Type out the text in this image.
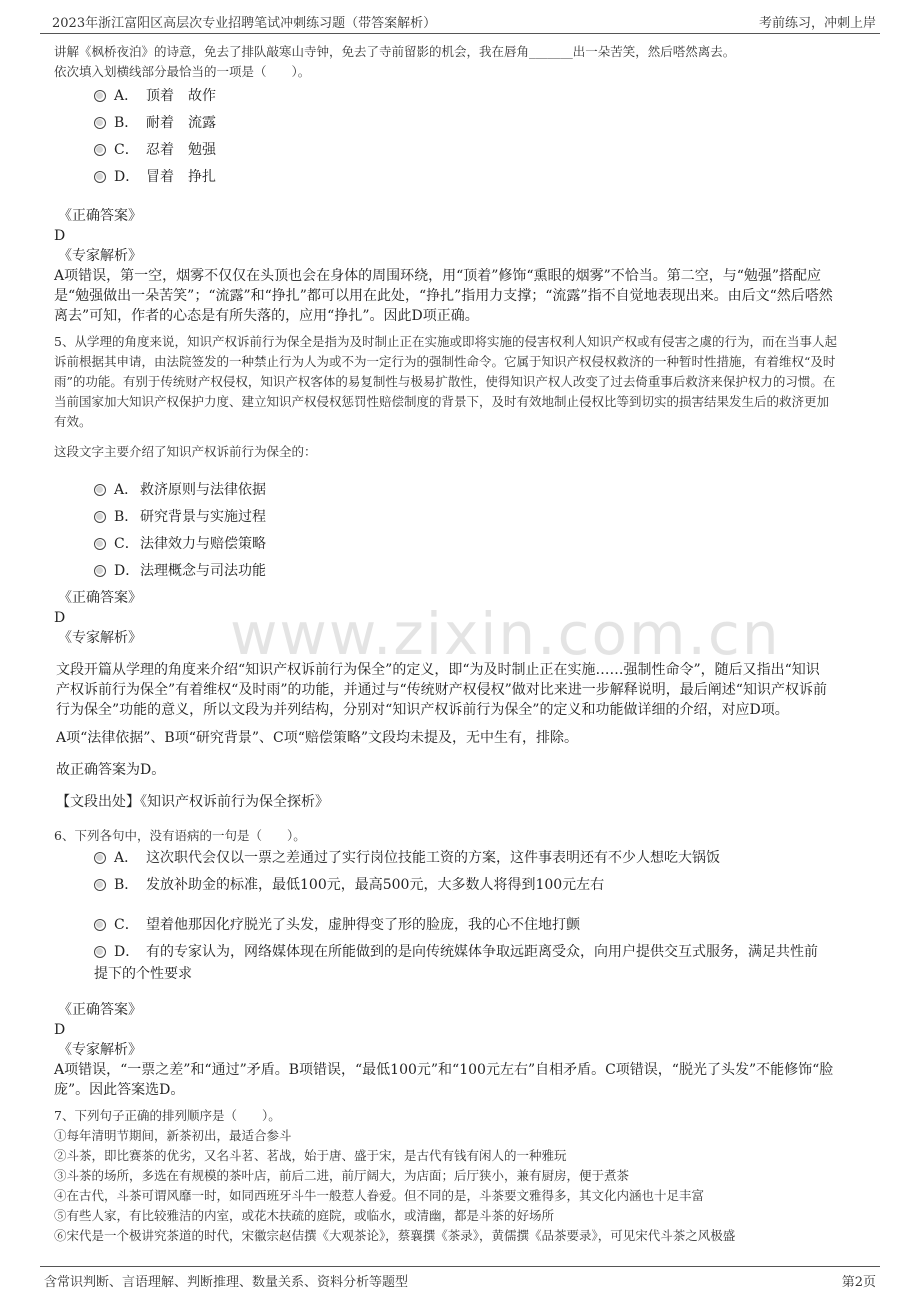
2023年浙江富阳区高层次专业招聘笔试冲刺练习题（带答案解析）	考前练习，冲刺上岸
www.zixin.com.cn
讲解《枫桥夜泊》的诗意，免去了排队敲寒山寺钟，免去了寺前留影的机会，我在唇角_______出一朵苦笑，然后嗒然离去。
依次填入划横线部分最恰当的一项是（　　）。
A． 顶着　故作
B． 耐着　流露
C． 忍着　勉强
D． 冒着　挣扎
《正确答案》
D
《专家解析》
A项错误，第一空，烟雾不仅仅在头顶也会在身体的周围环绕，用“顶着”修饰“熏眼的烟雾”不恰当。第二空，与“勉强”搭配应
是“勉强做出一朵苦笑”；“流露”和“挣扎”都可以用在此处，“挣扎”指用力支撑；“流露”指不自觉地表现出来。由后文“然后嗒然
离去”可知，作者的心态是有所失落的，应用“挣扎”。因此D项正确。
5、从学理的角度来说，知识产权诉前行为保全是指为及时制止正在实施或即将实施的侵害权利人知识产权或有侵害之虞的行为，而在当事人起
诉前根据其申请，由法院签发的一种禁止行为人为或不为一定行为的强制性命令。它属于知识产权侵权救济的一种暂时性措施，有着维权“及时
雨”的功能。有别于传统财产权侵权，知识产权客体的易复制性与极易扩散性，使得知识产权人改变了过去倚重事后救济来保护权力的习惯。在
当前国家加大知识产权保护力度、建立知识产权侵权惩罚性赔偿制度的背景下，及时有效地制止侵权比等到切实的损害结果发生后的救济更加
有效。
这段文字主要介绍了知识产权诉前行为保全的：
A． 救济原则与法律依据
B． 研究背景与实施过程
C．法律效力与赔偿策略
D．法理概念与司法功能
《正确答案》
D
《专家解析》
文段开篇从学理的角度来介绍“知识产权诉前行为保全”的定义，即“为及时制止正在实施……强制性命令”，随后又指出“知识
产权诉前行为保全”有着维权“及时雨”的功能，并通过与“传统财产权侵权”做对比来进一步解释说明，最后阐述“知识产权诉前
行为保全”功能的意义，所以文段为并列结构，分别对“知识产权诉前行为保全”的定义和功能做详细的介绍，对应D项。
A项“法律依据”、B项“研究背景”、C项“赔偿策略”文段均未提及，无中生有，排除。
故正确答案为D。
【文段出处】《知识产权诉前行为保全探析》
6、下列各句中，没有语病的一句是（　　）。
A． 这次职代会仅以一票之差通过了实行岗位技能工资的方案，这件事表明还有不少人想吃大锅饭
B． 发放补助金的标准，最低100元，最高500元，大多数人将得到100元左右
C． 望着他那因化疗脱光了头发，虚肿得变了形的脸庞，我的心不住地打颤
D． 有的专家认为，网络媒体现在所能做到的是向传统媒体争取远距离受众，向用户提供交互式服务，满足共性前
提下的个性要求
《正确答案》
D
《专家解析》
A项错误，“一票之差”和“通过”矛盾。B项错误，“最低100元”和“100元左右”自相矛盾。C项错误，“脱光了头发”不能修饰“脸
庞”。因此答案选D。
7、下列句子正确的排列顺序是（　　）。
①每年清明节期间，新茶初出，最适合参斗
②斗茶，即比赛茶的优劣，又名斗茗、茗战，始于唐、盛于宋，是古代有钱有闲人的一种雅玩
③斗茶的场所，多选在有规模的茶叶店，前后二进，前厅阔大，为店面；后厅狭小，兼有厨房，便于煮茶
④在古代，斗茶可谓风靡一时，如同西班牙斗牛一般惹人眷爱。但不同的是，斗茶要文雅得多，其文化内涵也十足丰富
⑤有些人家，有比较雅洁的内室，或花木扶疏的庭院，或临水，或清幽，都是斗茶的好场所
⑥宋代是一个极讲究茶道的时代，宋徽宗赵佶撰《大观茶论》，蔡襄撰《茶录》，黄儒撰《品茶要录》，可见宋代斗茶之风极盛
含常识判断、言语理解、判断推理、数量关系、资料分析等题型	第2页
